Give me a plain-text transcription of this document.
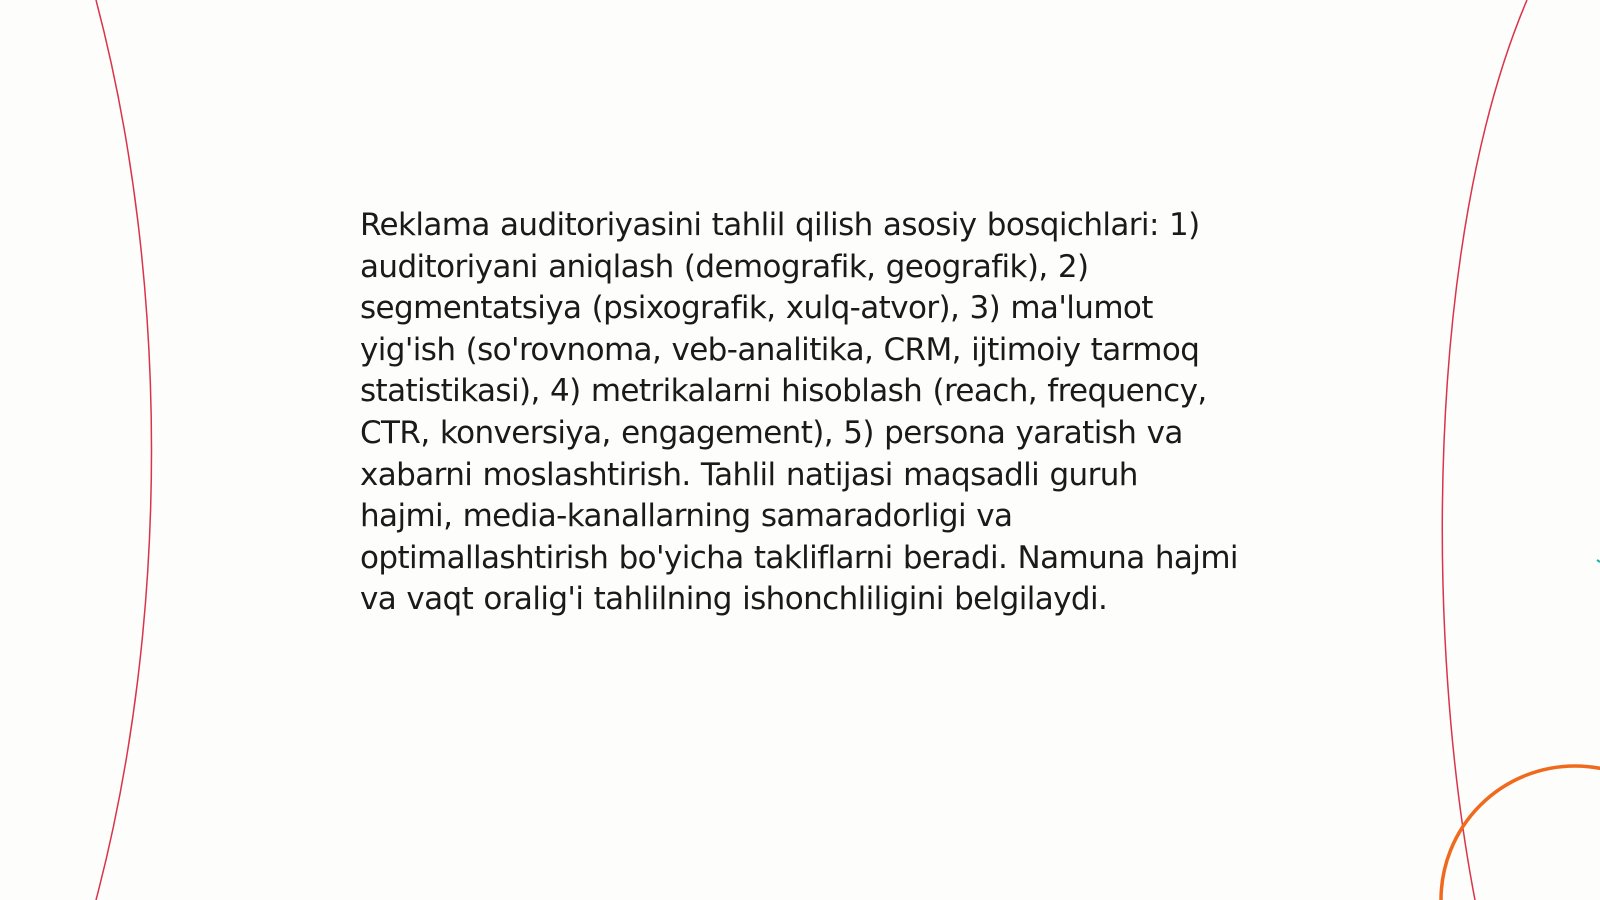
Reklama auditoriyasini tahlil qilish asosiy bosqichlari: 1) auditoriyani aniqlash (demografik, geografik), 2) segmentatsiya (psixografik, xulq-atvor), 3) ma'lumot yig'ish (so'rovnoma, veb-analitika, CRM, ijtimoiy tarmoq statistikasi), 4) metrikalarni hisoblash (reach, frequency, CTR, konversiya, engagement), 5) persona yaratish va xabarni moslashtirish. Tahlil natijasi maqsadli guruh hajmi, media-kanallarning samaradorligi va optimallashtirish bo'yicha takliflarni beradi. Namuna hajmi va vaqt oralig'i tahlilning ishonchliligini belgilaydi.
